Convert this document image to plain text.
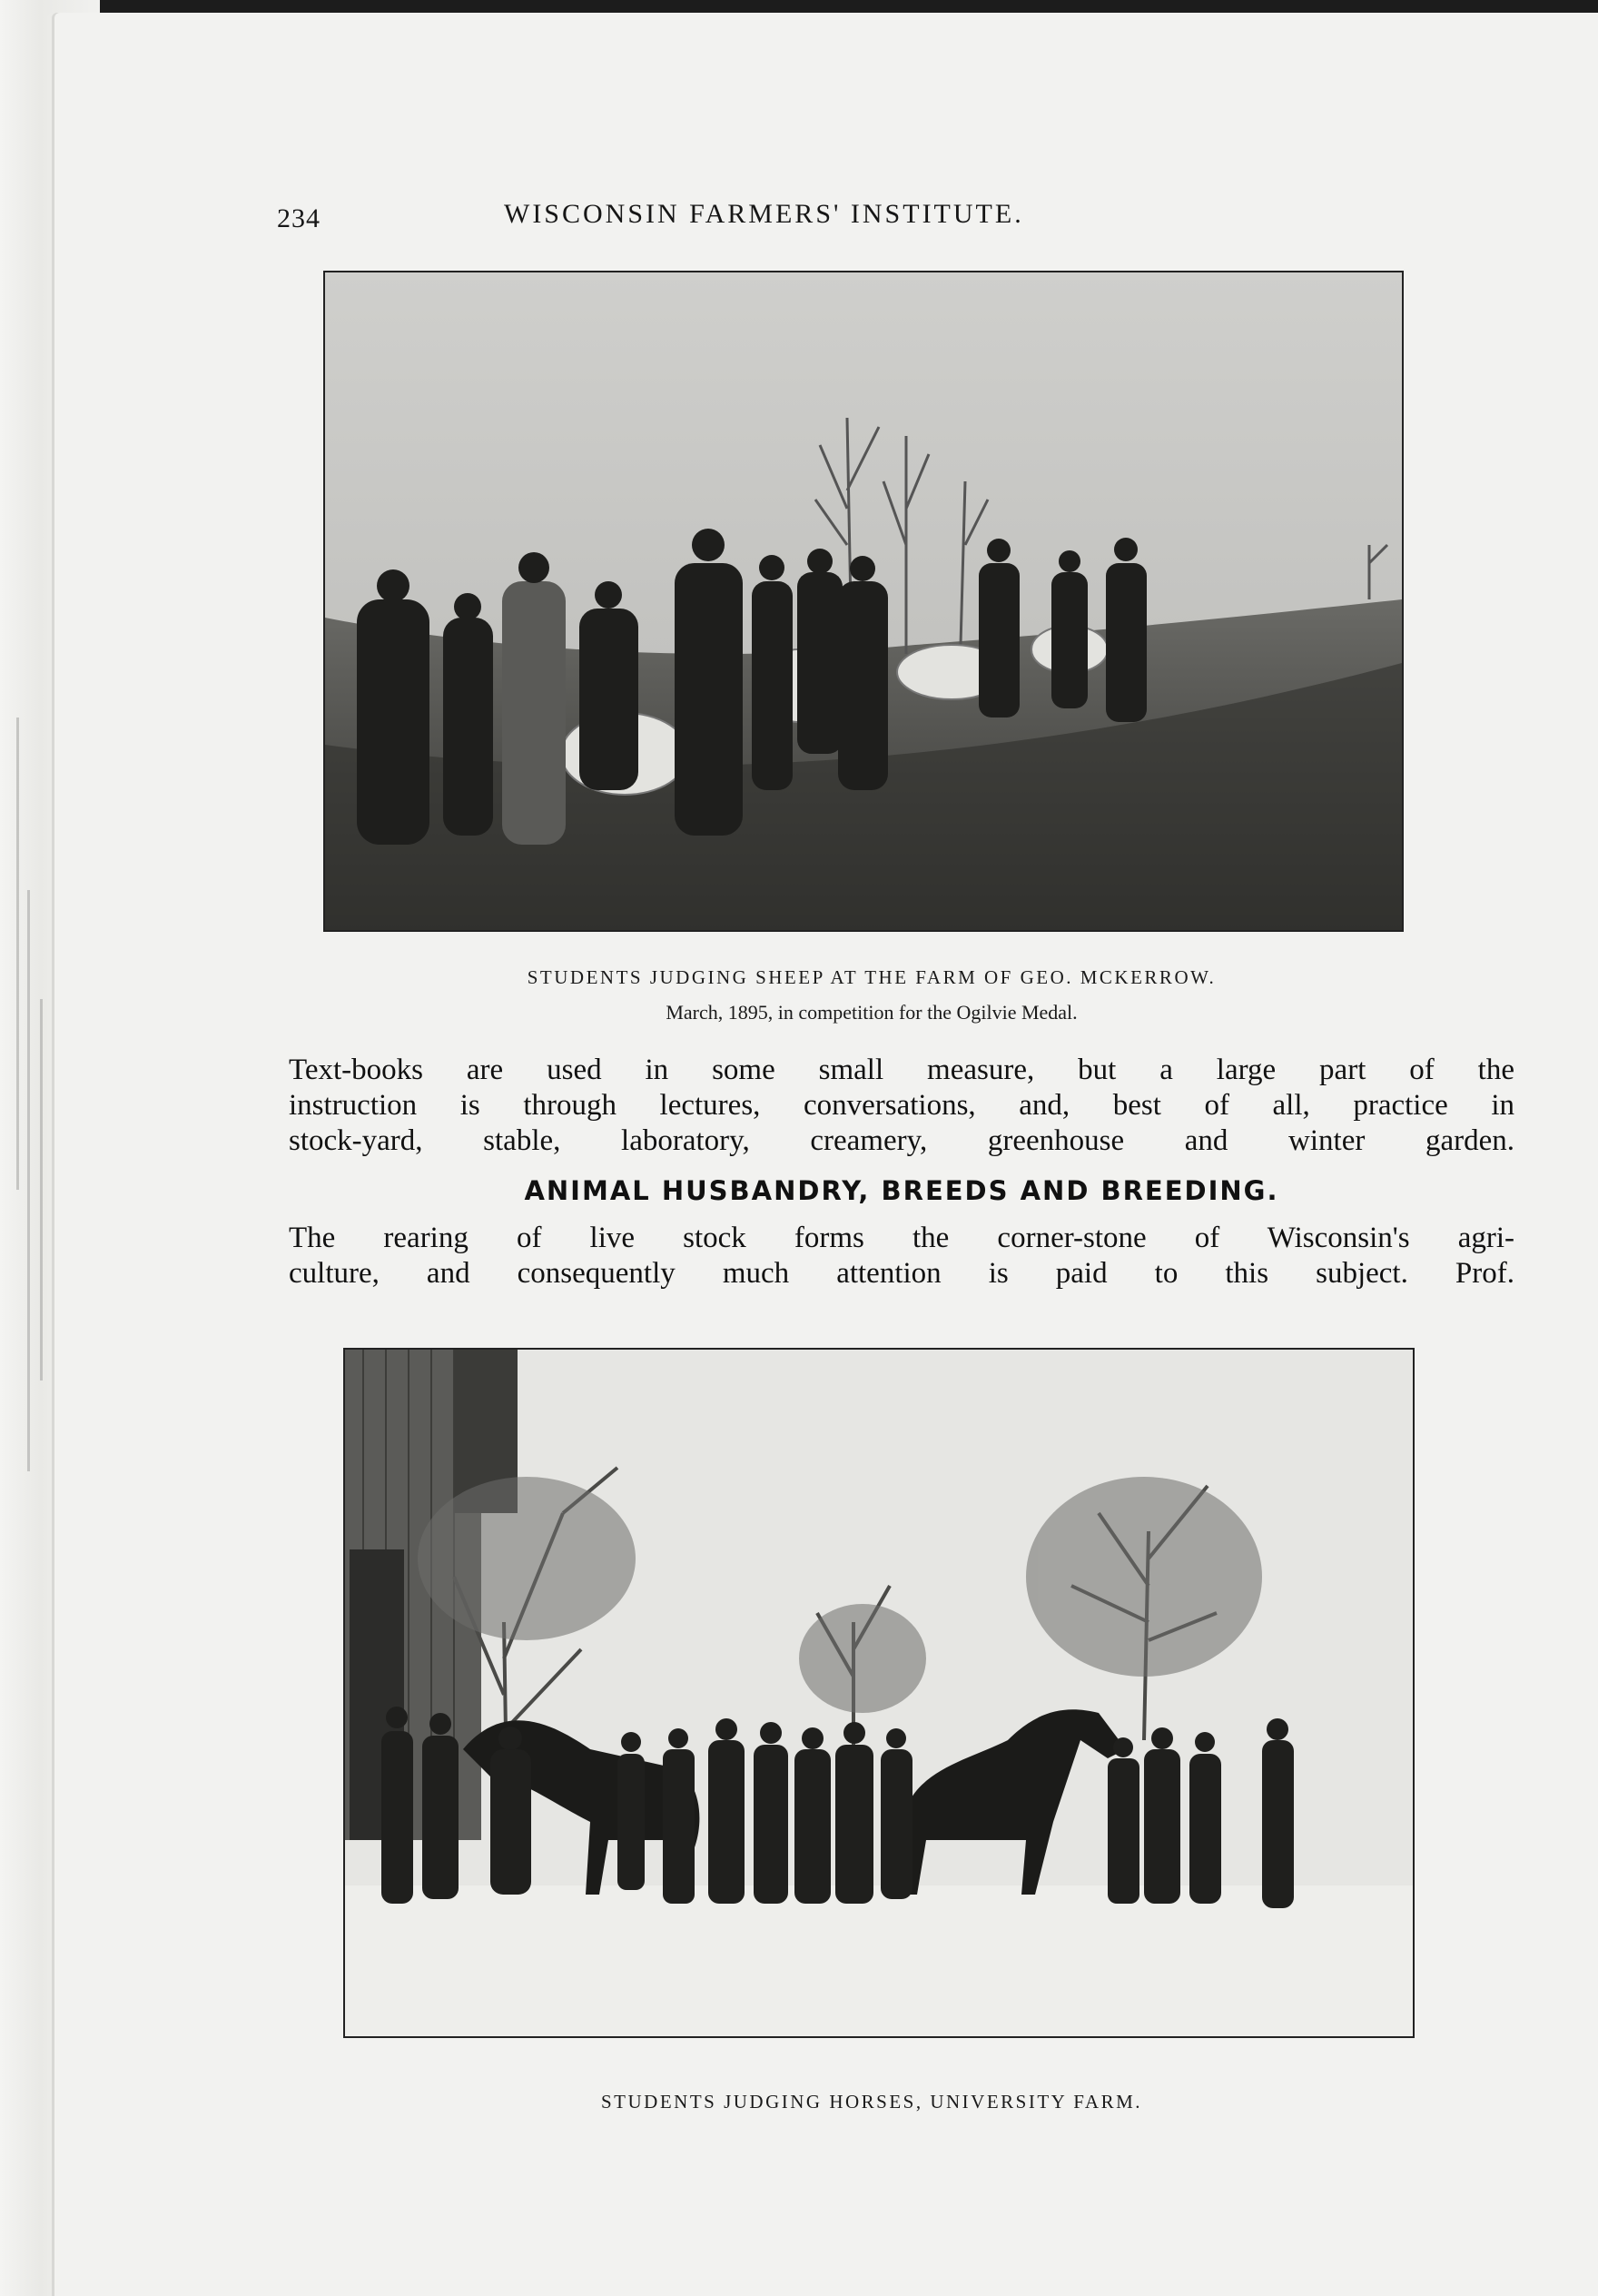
234	WISCONSIN FARMERS' INSTITUTE.
STUDENTS JUDGING SHEEP AT THE FARM OF GEO. MCKERROW.
March, 1895, in competition for the Ogilvie Medal.
Text-books are used in some small measure, but a large part of the
instruction is through lectures, conversations, and, best of all, practice in
stock-yard, stable, laboratory, creamery, greenhouse and winter garden.
ANIMAL HUSBANDRY, BREEDS AND BREEDING.
The rearing of live stock forms the corner-stone of Wisconsin's agri-
culture, and consequently much attention is paid to this subject. Prof.
STUDENTS JUDGING HORSES, UNIVERSITY FARM.
